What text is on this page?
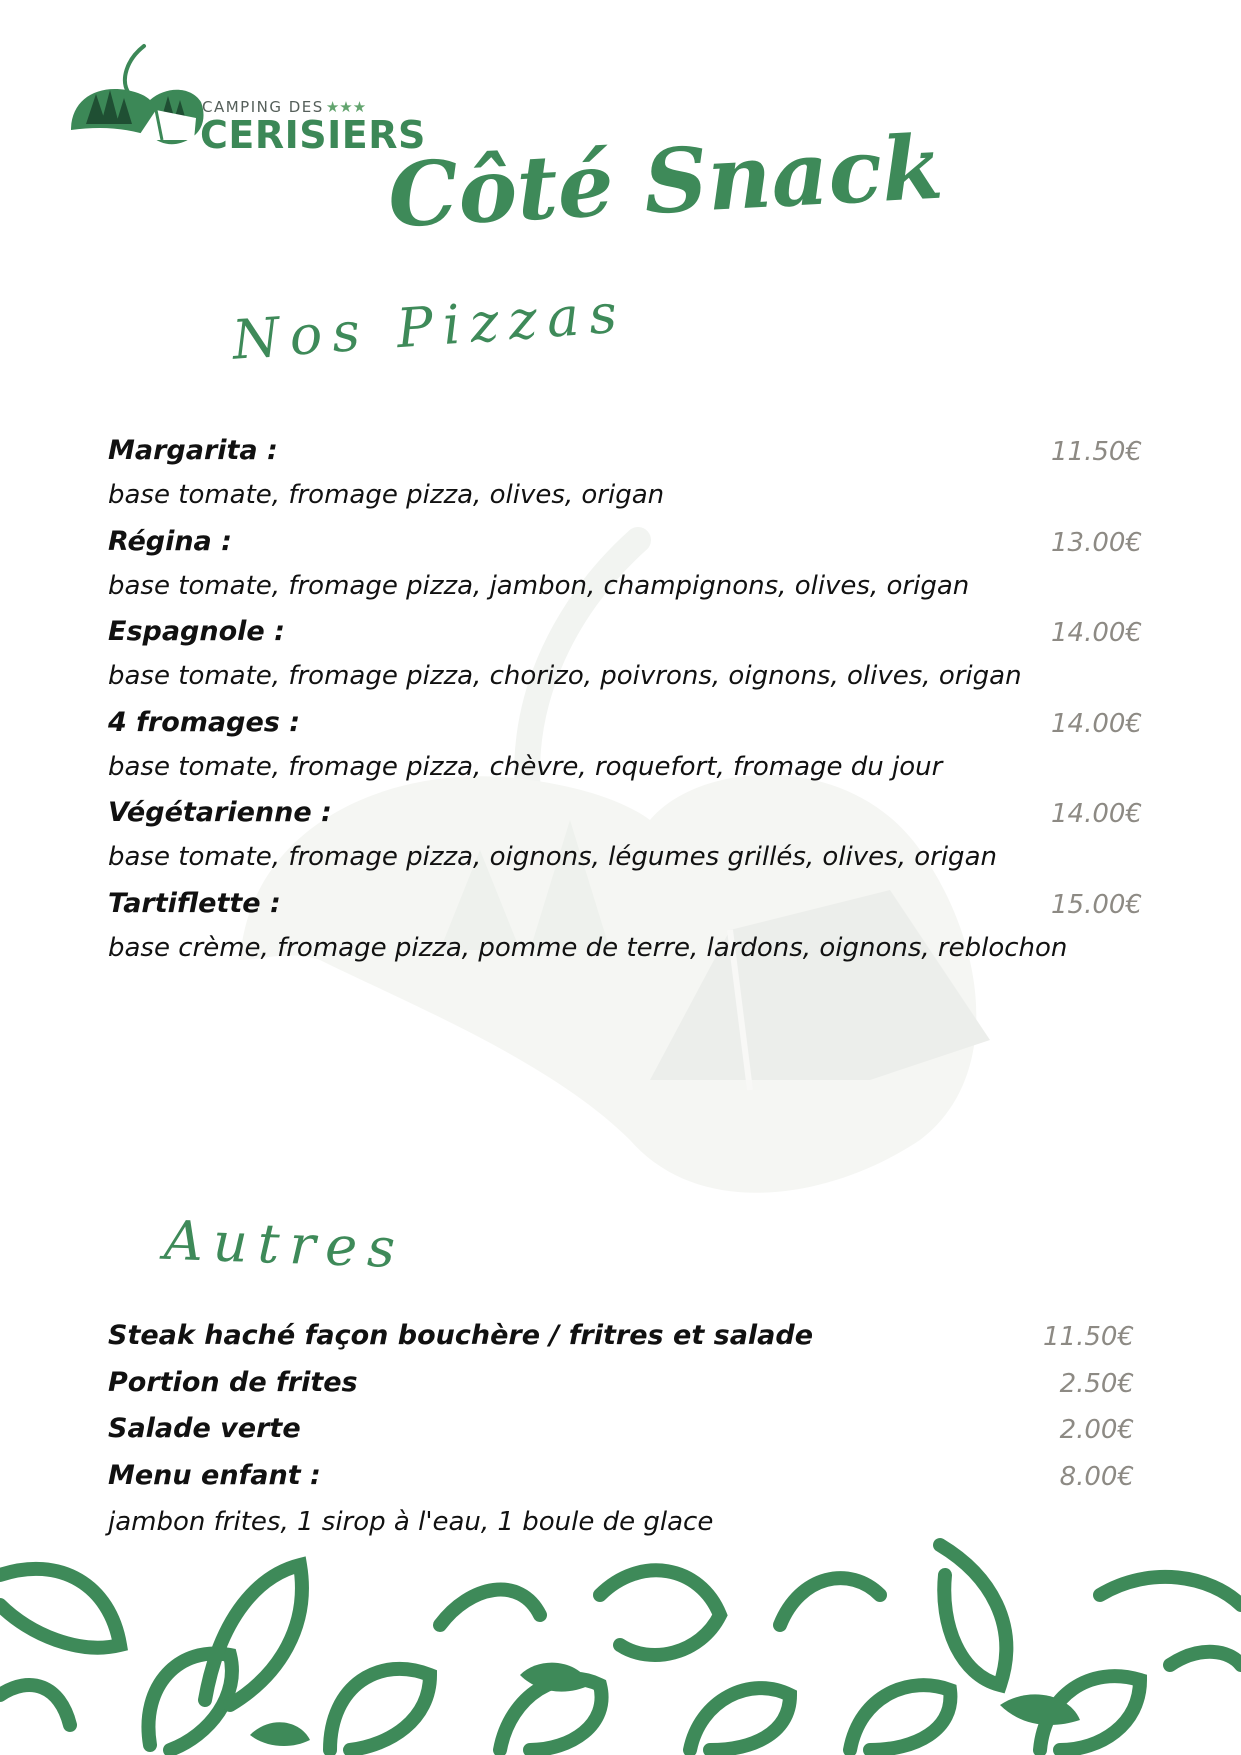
CAMPING DES ★★★
CERISIERS
Côté Snack
Nos Pizzas
Margarita :	11.50€
base tomate, fromage pizza, olives, origan
Régina :	13.00€
base tomate, fromage pizza, jambon, champignons, olives, origan
Espagnole :	14.00€
base tomate, fromage pizza, chorizo, poivrons, oignons, olives, origan
4 fromages :	14.00€
base tomate, fromage pizza, chèvre, roquefort, fromage du jour
Végétarienne :	14.00€
base tomate, fromage pizza, oignons, légumes grillés, olives, origan
Tartiflette :	15.00€
base crème, fromage pizza, pomme de terre, lardons, oignons, reblochon
Autres
Steak haché façon bouchère / fritres et salade	11.50€
Portion de frites	2.50€
Salade verte	2.00€
Menu enfant :	8.00€
jambon frites, 1 sirop à l'eau, 1 boule de glace
